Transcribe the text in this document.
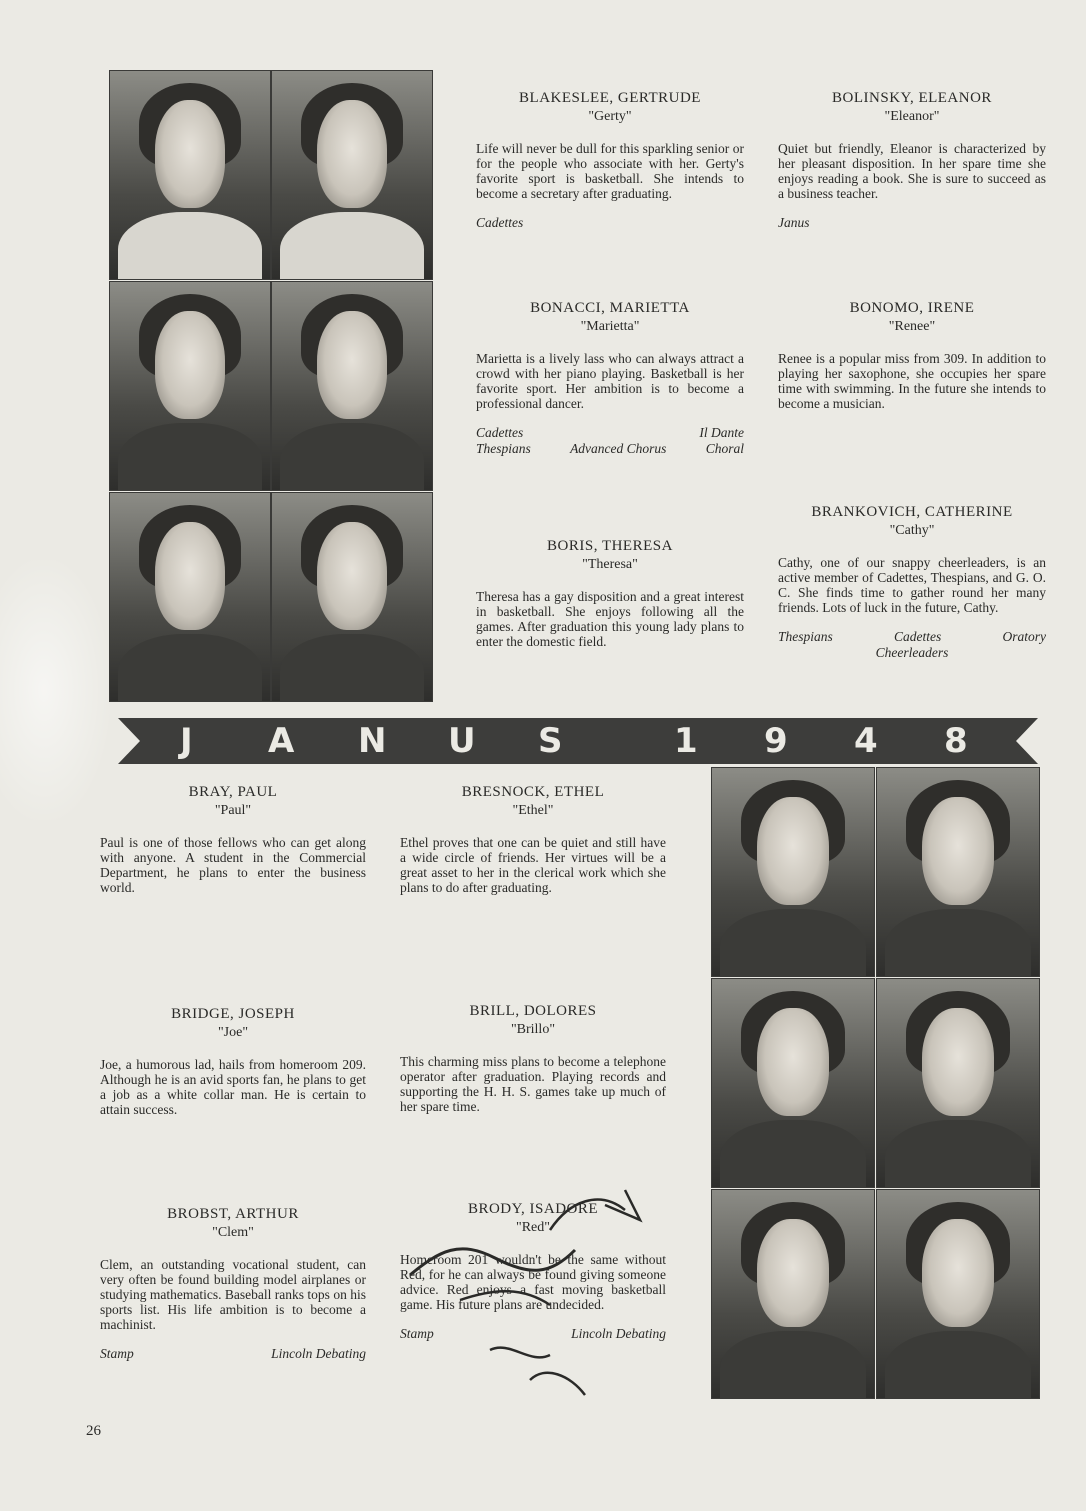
BLAKESLEE, GERTRUDE

"Gerty"

Life will never be dull for this sparkling senior or for the people who associate with her. Gerty's favorite sport is basketball. She intends to become a secretary after graduating.

Cadettes

BOLINSKY, ELEANOR

"Eleanor"

Quiet but friendly, Eleanor is characterized by her pleasant disposition. In her spare time she enjoys reading a book. She is sure to succeed as a business teacher.

Janus

BONACCI, MARIETTA

"Marietta"

Marietta is a lively lass who can always attract a crowd with her piano playing. Basketball is her favorite sport. Her ambition is to become a professional dancer.

Cadettes	Il Dante
Thespians	Advanced Chorus	Choral

BONOMO, IRENE

"Renee"

Renee is a popular miss from 309. In addition to playing her saxophone, she occupies her spare time with swimming. In the future she intends to become a musician.

BORIS, THERESA

"Theresa"

Theresa has a gay disposition and a great interest in basketball. She enjoys following all the games. After graduation this young lady plans to enter the domestic field.

BRANKOVICH, CATHERINE

"Cathy"

Cathy, one of our snappy cheerleaders, is an active member of Cadettes, Thespians, and G. O. C. She finds time to gather round her many friends. Lots of luck in the future, Cathy.

Thespians	Cadettes	Oratory
Cheerleaders
J A N U S	1 9 4 8

BRAY, PAUL

"Paul"

Paul is one of those fellows who can get along with anyone. A student in the Commercial Department, he plans to enter the business world.

BRESNOCK, ETHEL

"Ethel"

Ethel proves that one can be quiet and still have a wide circle of friends. Her virtues will be a great asset to her in the clerical work which she plans to do after graduating.

BRIDGE, JOSEPH

"Joe"

Joe, a humorous lad, hails from homeroom 209. Although he is an avid sports fan, he plans to get a job as a white collar man. He is certain to attain success.

BRILL, DOLORES

"Brillo"

This charming miss plans to become a telephone operator after graduation. Playing records and supporting the H. H. S. games take up much of her spare time.

BROBST, ARTHUR

"Clem"

Clem, an outstanding vocational student, can very often be found building model airplanes or studying mathematics. Baseball ranks tops on his sports list. His life ambition is to become a machinist.

Stamp	Lincoln Debating

BRODY, ISADORE

"Red"

Homeroom 201 wouldn't be the same without Red, for he can always be found giving someone advice. Red enjoys a fast moving basketball game. His future plans are undecided.

Stamp	Lincoln Debating
26
